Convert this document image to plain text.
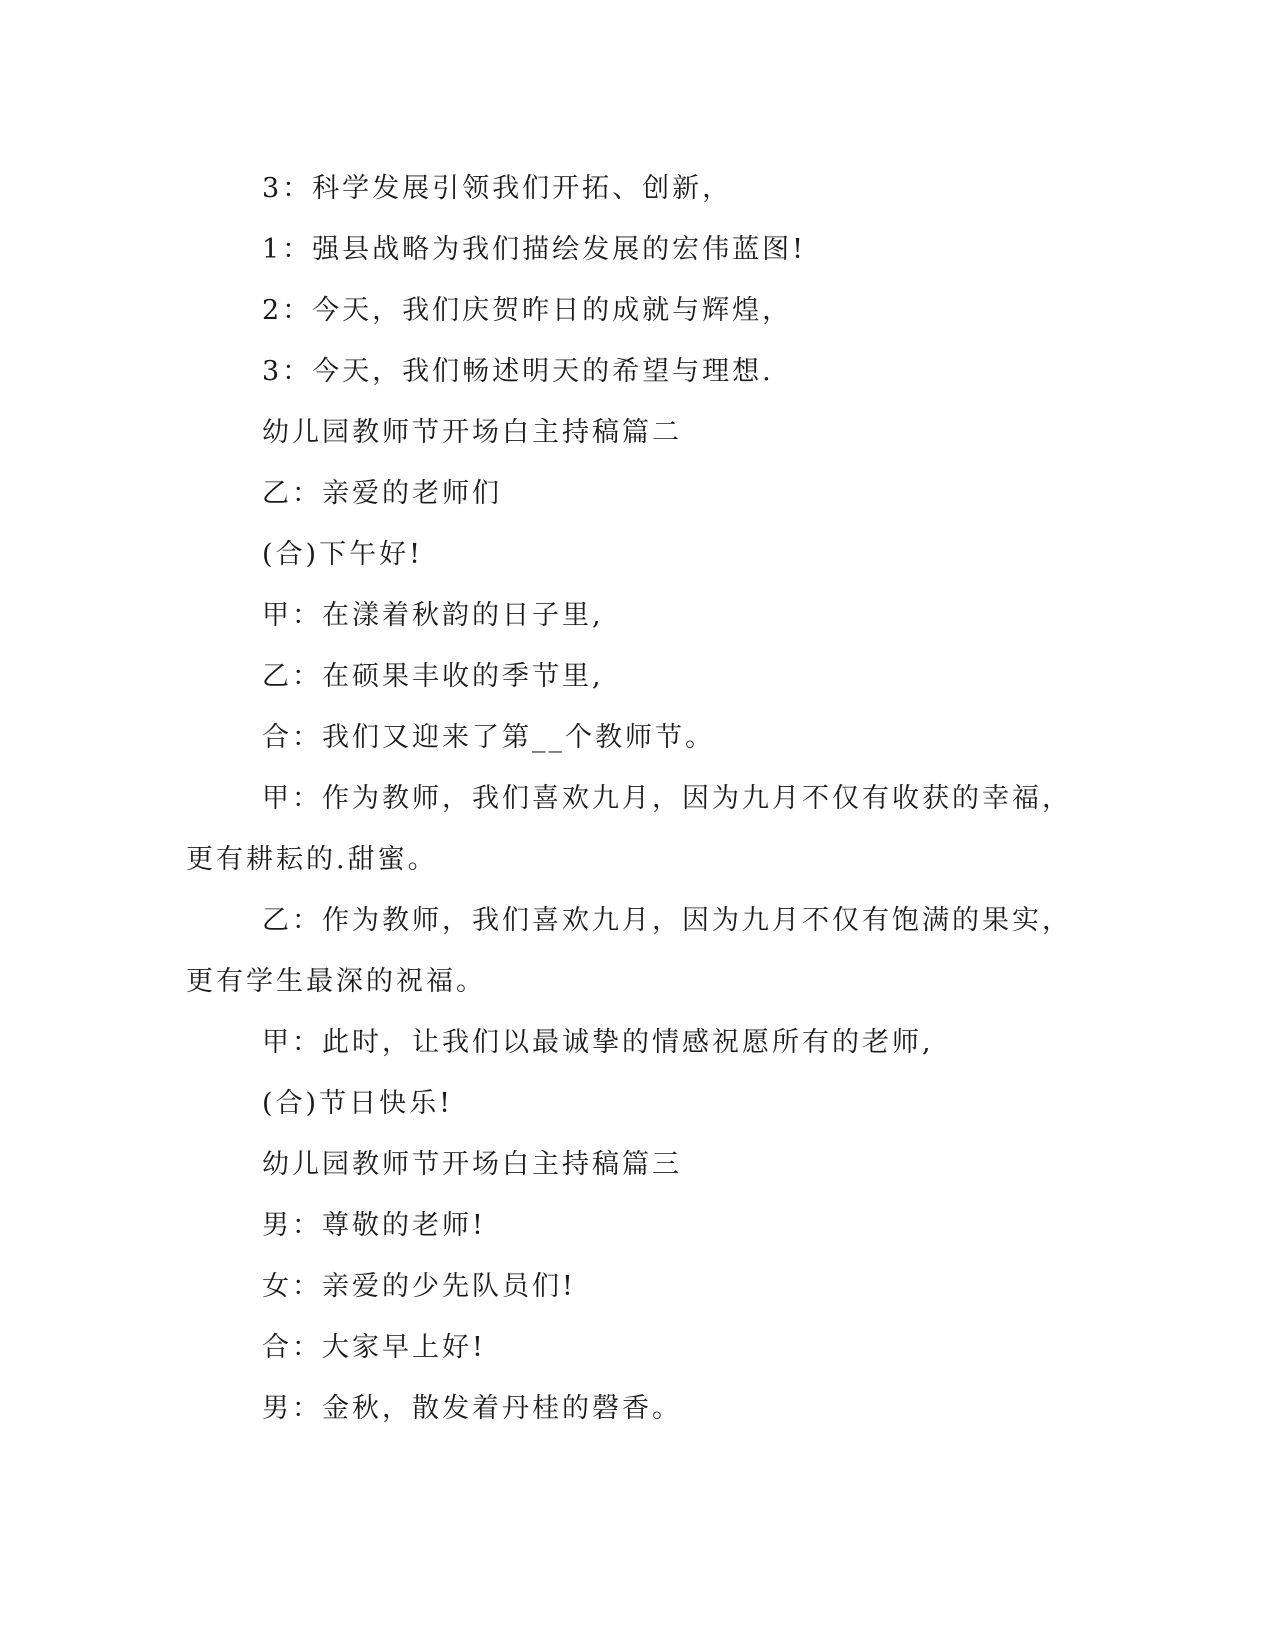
3：科学发展引领我们开拓、创新，

1：强县战略为我们描绘发展的宏伟蓝图!

2：今天，我们庆贺昨日的成就与辉煌，

3：今天，我们畅述明天的希望与理想.

幼儿园教师节开场白主持稿篇二

乙：亲爱的老师们

(合)下午好!

甲：在漾着秋韵的日子里,

乙：在硕果丰收的季节里,

合：我们又迎来了第__个教师节。

甲：作为教师，我们喜欢九月，因为九月不仅有收获的幸福，更有耕耘的.甜蜜。

乙：作为教师，我们喜欢九月，因为九月不仅有饱满的果实，更有学生最深的祝福。

甲：此时，让我们以最诚挚的情感祝愿所有的老师,

(合)节日快乐!

幼儿园教师节开场白主持稿篇三

男：尊敬的老师!

女：亲爱的少先队员们!

合：大家早上好!

男：金秋，散发着丹桂的磬香。
